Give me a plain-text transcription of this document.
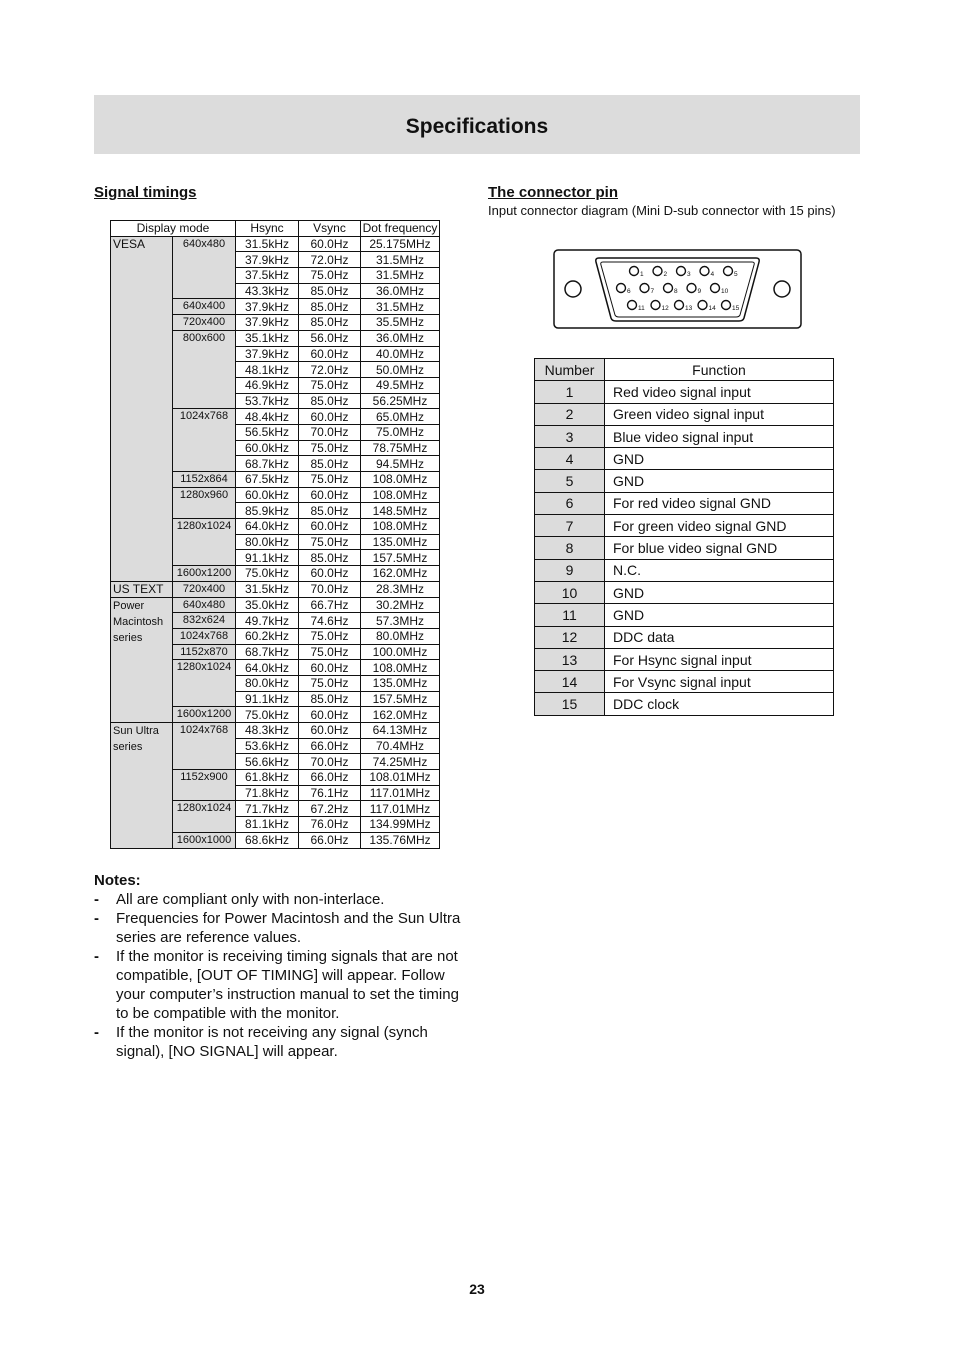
Specifications
Signal timings
Display mode		Hsync	Vsync	Dot frequency
VESA	640x480	31.5kHz	60.0Hz	25.175MHz
		37.9kHz	72.0Hz	31.5MHz
		37.5kHz	75.0Hz	31.5MHz
		43.3kHz	85.0Hz	36.0MHz
	640x400	37.9kHz	85.0Hz	31.5MHz
	720x400	37.9kHz	85.0Hz	35.5MHz
	800x600	35.1kHz	56.0Hz	36.0MHz
		37.9kHz	60.0Hz	40.0MHz
		48.1kHz	72.0Hz	50.0MHz
		46.9kHz	75.0Hz	49.5MHz
		53.7kHz	85.0Hz	56.25MHz
	1024x768	48.4kHz	60.0Hz	65.0MHz
		56.5kHz	70.0Hz	75.0MHz
		60.0kHz	75.0Hz	78.75MHz
		68.7kHz	85.0Hz	94.5MHz
	1152x864	67.5kHz	75.0Hz	108.0MHz
	1280x960	60.0kHz	60.0Hz	108.0MHz
		85.9kHz	85.0Hz	148.5MHz
	1280x1024	64.0kHz	60.0Hz	108.0MHz
		80.0kHz	75.0Hz	135.0MHz
		91.1kHz	85.0Hz	157.5MHz
	1600x1200	75.0kHz	60.0Hz	162.0MHz
US TEXT	720x400	31.5kHz	70.0Hz	28.3MHz
Power Macintosh series	640x480	35.0kHz	66.7Hz	30.2MHz
	832x624	49.7kHz	74.6Hz	57.3MHz
	1024x768	60.2kHz	75.0Hz	80.0MHz
	1152x870	68.7kHz	75.0Hz	100.0MHz
	1280x1024	64.0kHz	60.0Hz	108.0MHz
		80.0kHz	75.0Hz	135.0MHz
		91.1kHz	85.0Hz	157.5MHz
	1600x1200	75.0kHz	60.0Hz	162.0MHz
Sun Ultra series	1024x768	48.3kHz	60.0Hz	64.13MHz
		53.6kHz	66.0Hz	70.4MHz
		56.6kHz	70.0Hz	74.25MHz
	1152x900	61.8kHz	66.0Hz	108.01MHz
		71.8kHz	76.1Hz	117.01MHz
	1280x1024	71.7kHz	67.2Hz	117.01MHz
		81.1kHz	76.0Hz	134.99MHz
	1600x1000	68.6kHz	66.0Hz	135.76MHz
Notes:
- All are compliant only with non-interlace.
- Frequencies for Power Macintosh and the Sun Ultra series are reference values.
- If the monitor is receiving timing signals that are not compatible, [OUT OF TIMING] will appear. Follow your computer’s instruction manual to set the timing to be compatible with the monitor.
- If the monitor is not receiving any signal (synch signal), [NO SIGNAL] will appear.
The connector pin
Input connector diagram (Mini D-sub connector with 15 pins)
1	2	3	4	5
6	7	8	9	10
11	12	13	14	15
Number	Function
1	Red video signal input
2	Green video signal input
3	Blue video signal input
4	GND
5	GND
6	For red video signal GND
7	For green video signal GND
8	For blue video signal GND
9	N.C.
10	GND
11	GND
12	DDC data
13	For Hsync signal input
14	For Vsync signal input
15	DDC clock
23
